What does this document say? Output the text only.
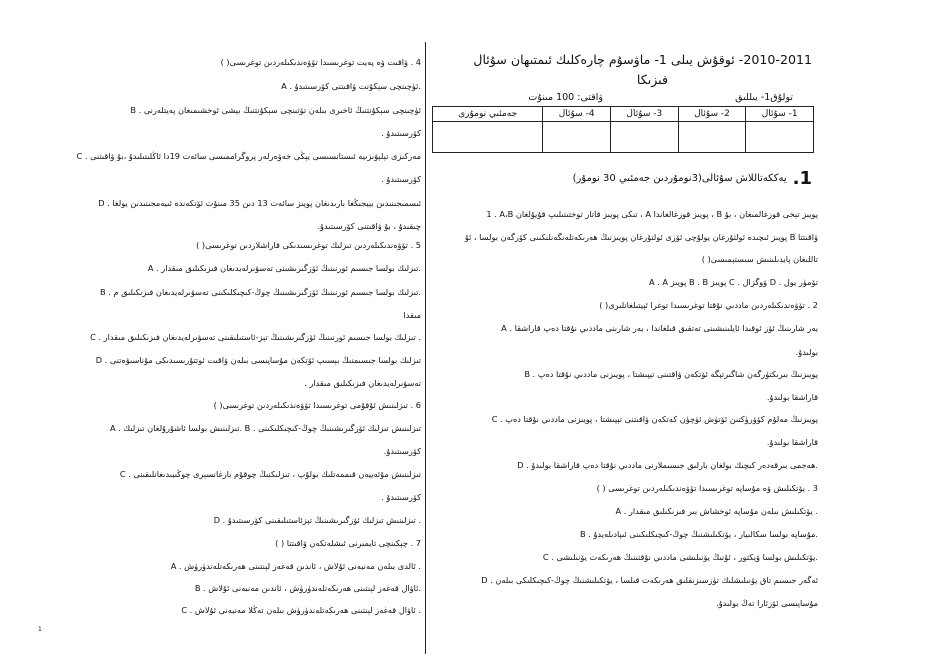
4 . ۋاقىت ۋە پەيت توغرىسىدا تۆۋەندىكىلەردىن توغرىسى( )
A . ئۈچىنچى سېكۇنت ۋاقىتنى كۆرسىتىدۇ.
B . ئۈچىنچى سېكۇنتنىڭ ئاخىرى بىلەن تۆتىنچى سېكۇنتنىڭ بېشى ئوخشىمىغان پەيتلەرنى
كۆرسىتىدۇ .
C . مەركىزى تېلېۋىزىيە ئىستانسىسى يېڭى خەۋەرلەر پروگراممىسى سائەت 19دا ئاڭلىتىلىدۇ ،بۇ ۋاقىتنى
كۆرسىتىدۇ .
D . ئىسمىجىنىدىن بېيجىڭغا بارىدىغان پويىز سائەت 13 دىن 35 مىنۇت ئۆتكەندە ئىيەمجىنىدىن يولغا
چىقىدۇ ، بۇ ۋاقىتنى كۆرسىتىدۇ.
5 . تۆۋەندىكىلەردىن تىزلىك توغرىسىدىكى قاراشلاردىن توغرىسى( )
A . تىزلىك بولسا جىسىم ئورنىنىڭ ئۆزگىرىشىنى تەسۋىرلەيدىغان فىزىكىلىق مىقدار.
B . تىزلىك بولسا جىسىم ئورنىنىڭ ئۆزگىرىشىنىڭ چوڭ-كىچىكلىكىنى تەسۋىرلەيدىغان فىزىكىلىق م.
مىقدا
C . تىزلىك بولسا جىسىم ئورنىنىڭ ئۆزگىرىشىنىڭ تېز-ئاستىلىقىنى تەسۋىرلەيدىغان فىزىكىلىق مىقدار .
D . تىزلىك بولسا جىسىمنىڭ بېسىپ ئۆتكەن مۇساپىسى بىلەن ۋاقىت ئوتتۇرىسىدىكى مۇناسىۋەتنى
تەسۋىرلەيدىغان فىزىكىلىق مىقدار .
6 . تىزلىنىش ئۇقۇمى توغرىسىدا تۆۋەندىكىلەردىن توغرىسى( )
A . تىزلىنىش بولسا ئاشۇرۇلغان تىزلىك. B . تىزلىنىش تىزلىك ئۆزگىرىشىنىڭ چوڭ-كىچىكلىكىنى
كۆرسىتىدۇ.
C . تىزلىنىش مۇئەييەن قىممەتلىك بولۇپ ، تىزلىكنىڭ چوقۇم بارغانسېرى چوڭىيىدىغانلىقىنى
كۆرسىتىدۇ .
D . تىزلىنىش تىزلىك ئۆزگىرىشىنىڭ تېزئاستىلىقىنى كۆرسىتىدۇ .
7 . چېكىنچى تايمىرنى ئىشلەتكەن ۋاقىتتا ( )
A . ئالدى بىلەن مەنبەنى ئۇلاش ، ئاندىن قەغەز لېنتىنى ھەرىكەتلەندۈرۈش .
B . ئاۋال قەغەز لېنتىنى ھەرىكەتلەندۈرۈش ، ئاندىن مەنبەنى ئۇلاش.
C . ئاۋال قەغەز لېنتىنى ھەرىكەتلەندۈرۈش بىلەن تەڭلا مەنبەنى ئۇلاش .
2010-2011- ئوقۇش يىلى 1- ماۋسۇم چارەكلىك ئىمتىھان سۇئال
فىزىكا
تولۇق1- يىللىق
ۋاقتى: 100 مىنۇت
1.
يەككەتاللاش سۇئالى(3نومۇردىن جەمئىي 30 نومۇر)
1 . A،B تىكى پويىز قاتار توختىتىلىپ قۇيۇلغان ، A پويىز قوزغالغاندا ، B پويىز تېخى قوزغالمىغان ، بۇ
ۋاقىتتا B پويىز ئىچىدە ئولتۇرغان يولۇچى ئۆزى ئولتۇرغان پويىزنىڭ ھەرىكەتلەنگەنلىكىنى كۆرگەن بولسا ، ئۇ
تاللىغان پايدىلىنىش سىستېمىسى( )
A . A پويىز B . B پويىز C . ۋوگزال D . تۆمۈر يول
2 . تۆۋەندىكىلەردىن ماددىي نۇقتا توغرىسىدا توغرا ئېيتىلغانلىرى( )
A . يەر شارىنىڭ ئۆز ئوقىدا ئايلىنىشىنى تەتقىق قىلغاندا ، يەر شارىنى ماددىي نۇقتا دەپ قاراشقا
بولىدۇ.
B . پويىزنىڭ بىرىكتۈرگەن شاگىرتېگە ئۆتكەن ۋاقتىنى تېپىشتا ، پويىزنى ماددىي نۇقتا دەپ
قاراشقا بولىدۇ.
C . پويىزنىڭ مەلۇم كۆۋرۈكتىن ئۆتۈش ئۈچۈن كەتكەن ۋاقىتنى تېپىشتا ، پويىزنى ماددىي نۇقتا دەپ
قاراشقا بولىدۇ.
D . ھەجمى بىرقەدەر كىچىك بولغان بارلىق جىسىملارنى ماددىي نۇقتا دەپ قاراشقا بولىدۇ.
3 . يۆتكىلىش ۋە مۇساپە توغرىسىدا تۆۋەندىكىلەردىن توغرىسى ( )
A . يۆتكىلىش بىلەن مۇساپە ئوخشاش بىر فىزىكىلىق مىقدار .
B . مۇساپە بولسا سكالىيار ، يۆتكىلىشنىڭ چوڭ-كىچىكلىكىنى ئىپادىلەيدۇ.
C . يۆتكىلىش بولسا ۋېكتور ، ئۇنىڭ يۆنىلىشى ماددىي نۇقتىنىڭ ھەرىكەت يۆنىلىشى.
D . ئەگەر جىسىم تاق يۆنىلىشلىك تۈزسىزىقلىق ھەرىكەت قىلسا ، يۆتكىلىشنىڭ چوڭ-كىچىكلىكى بىلەن
مۇساپىسى ئۆزئارا تەڭ بولىدۇ.
1- سۇئال	2- سۇئال	3- سۇئال	4- سۇئال	جەمئىي نومۇرى

1
